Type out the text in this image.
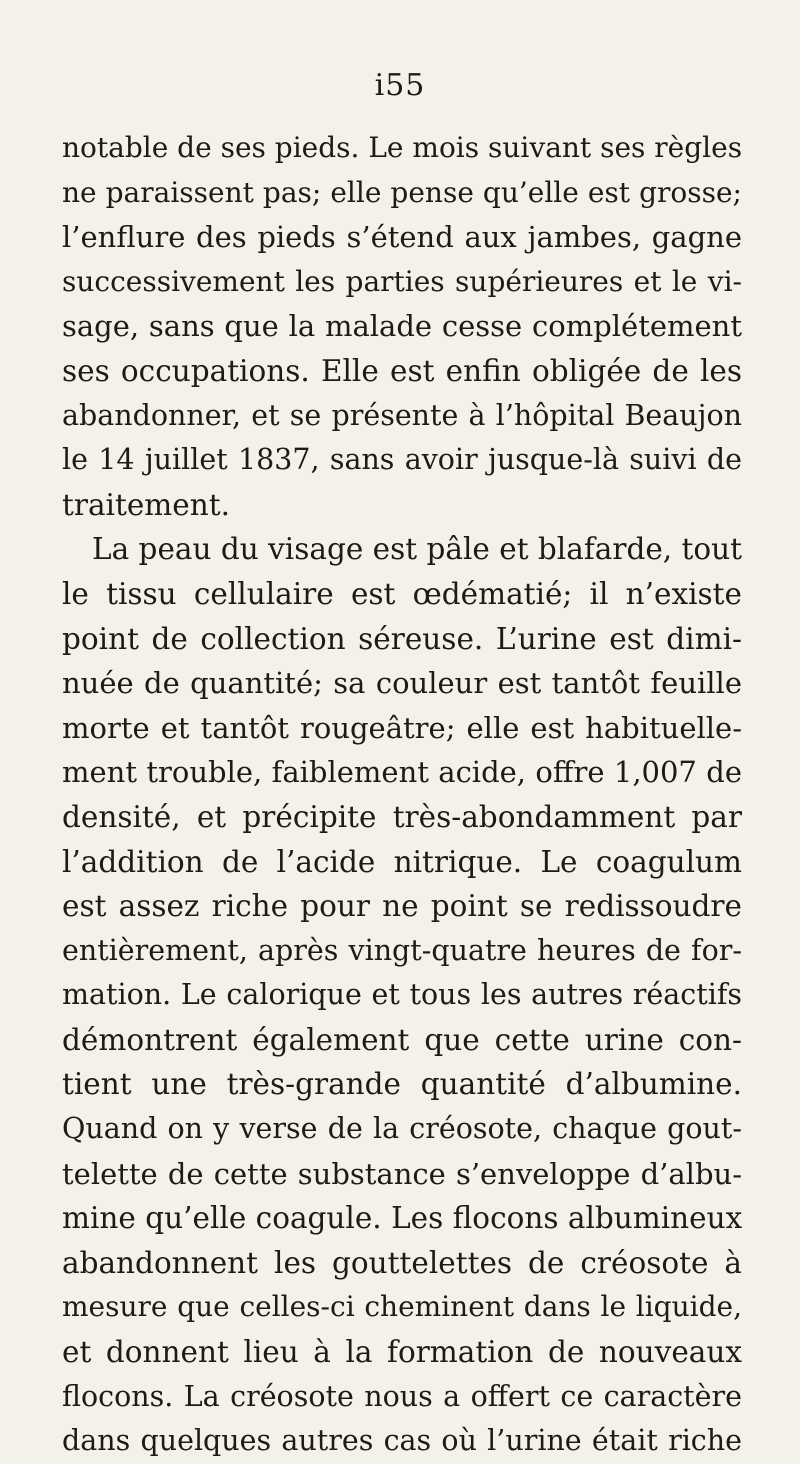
i55
notable de ses pieds. Le mois suivant ses règles
ne paraissent pas; elle pense qu’elle est grosse;
l’enflure des pieds s’étend aux jambes, gagne
successivement les parties supérieures et le vi-
sage, sans que la malade cesse complétement
ses occupations. Elle est enfin obligée de les
abandonner, et se présente à l’hôpital Beaujon
le 14 juillet 1837, sans avoir jusque-là suivi de
traitement.
La peau du visage est pâle et blafarde, tout
le tissu cellulaire est œdématié; il n’existe
point de collection séreuse. L’urine est dimi-
nuée de quantité; sa couleur est tantôt feuille
morte et tantôt rougeâtre; elle est habituelle-
ment trouble, faiblement acide, offre 1,007 de
densité, et précipite très-abondamment par
l’addition de l’acide nitrique. Le coagulum
est assez riche pour ne point se redissoudre
entièrement, après vingt-quatre heures de for-
mation. Le calorique et tous les autres réactifs
démontrent également que cette urine con-
tient une très-grande quantité d’albumine.
Quand on y verse de la créosote, chaque gout-
telette de cette substance s’enveloppe d’albu-
mine qu’elle coagule. Les flocons albumineux
abandonnent les gouttelettes de créosote à
mesure que celles-ci cheminent dans le liquide,
et donnent lieu à la formation de nouveaux
flocons. La créosote nous a offert ce caractère
dans quelques autres cas où l’urine était riche
